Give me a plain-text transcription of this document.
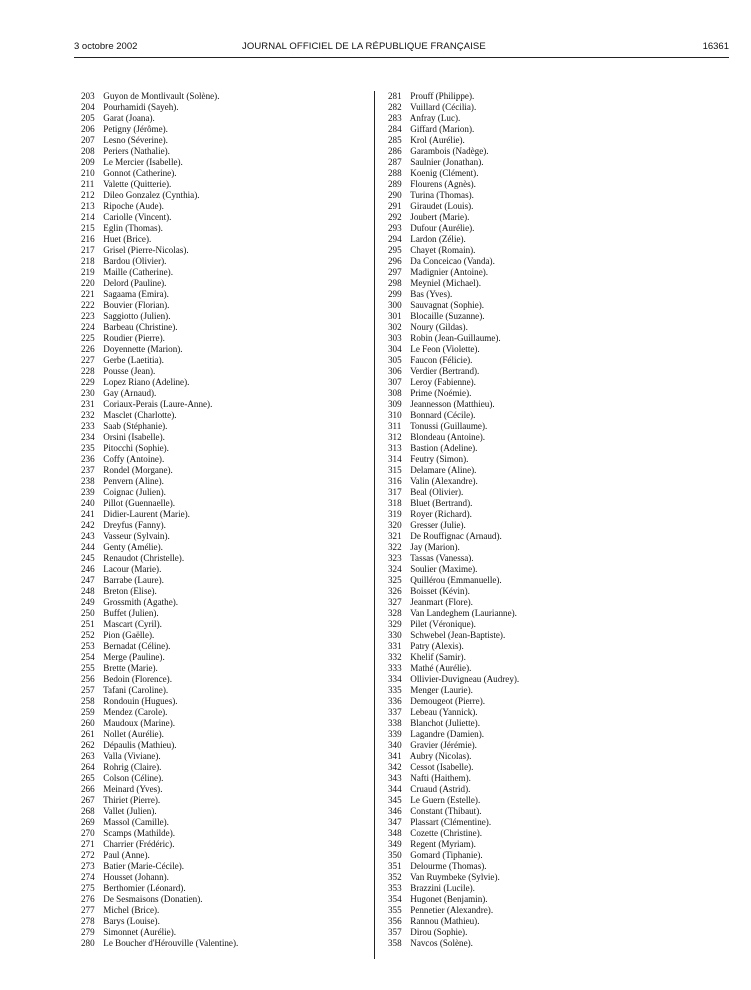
3 octobre 2002	JOURNAL OFFICIEL DE LA RÉPUBLIQUE FRANÇAISE	16361
203 Guyon de Montlivault (Solène).
204 Pourhamidi (Sayeh).
205 Garat (Joana).
206 Petigny (Jérôme).
207 Lesno (Séverine).
208 Periers (Nathalie).
209 Le Mercier (Isabelle).
210 Gonnot (Catherine).
211 Valette (Quitterie).
212 Dileo Gonzalez (Cynthia).
213 Ripoche (Aude).
214 Cariolle (Vincent).
215 Eglin (Thomas).
216 Huet (Brice).
217 Grisel (Pierre-Nicolas).
218 Bardou (Olivier).
219 Maille (Catherine).
220 Delord (Pauline).
221 Sagaama (Emira).
222 Bouvier (Florian).
223 Saggiotto (Julien).
224 Barbeau (Christine).
225 Roudier (Pierre).
226 Doyennette (Marion).
227 Gerbe (Laetitia).
228 Pousse (Jean).
229 Lopez Riano (Adeline).
230 Gay (Arnaud).
231 Coriaux-Perais (Laure-Anne).
232 Masclet (Charlotte).
233 Saab (Stéphanie).
234 Orsini (Isabelle).
235 Pitocchi (Sophie).
236 Coffy (Antoine).
237 Rondel (Morgane).
238 Penvern (Aline).
239 Coignac (Julien).
240 Pillot (Guennaelle).
241 Didier-Laurent (Marie).
242 Dreyfus (Fanny).
243 Vasseur (Sylvain).
244 Genty (Amélie).
245 Renaudot (Christelle).
246 Lacour (Marie).
247 Barrabe (Laure).
248 Breton (Elise).
249 Grossmith (Agathe).
250 Buffet (Julien).
251 Mascart (Cyril).
252 Pion (Gaëlle).
253 Bernadat (Céline).
254 Merge (Pauline).
255 Brette (Marie).
256 Bedoin (Florence).
257 Tafani (Caroline).
258 Rondouin (Hugues).
259 Mendez (Carole).
260 Maudoux (Marine).
261 Nollet (Aurélie).
262 Dépaulis (Mathieu).
263 Valla (Viviane).
264 Rohrig (Claire).
265 Colson (Céline).
266 Meinard (Yves).
267 Thiriet (Pierre).
268 Vallet (Julien).
269 Massol (Camille).
270 Scamps (Mathilde).
271 Charrier (Frédéric).
272 Paul (Anne).
273 Batier (Marie-Cécile).
274 Housset (Johann).
275 Berthomier (Léonard).
276 De Sesmaisons (Donatien).
277 Michel (Brice).
278 Barys (Louise).
279 Simonnet (Aurélie).
280 Le Boucher d'Hérouville (Valentine).
281 Prouff (Philippe).
282 Vuillard (Cécilia).
283 Anfray (Luc).
284 Giffard (Marion).
285 Krol (Aurélie).
286 Garambois (Nadège).
287 Saulnier (Jonathan).
288 Koenig (Clément).
289 Flourens (Agnès).
290 Turina (Thomas).
291 Giraudet (Louis).
292 Joubert (Marie).
293 Dufour (Aurélie).
294 Lardon (Zélie).
295 Chayet (Romain).
296 Da Conceicao (Vanda).
297 Madignier (Antoine).
298 Meyniel (Michael).
299 Bas (Yves).
300 Sauvagnat (Sophie).
301 Blocaille (Suzanne).
302 Noury (Gildas).
303 Robin (Jean-Guillaume).
304 Le Feon (Violette).
305 Faucon (Félicie).
306 Verdier (Bertrand).
307 Leroy (Fabienne).
308 Prime (Noémie).
309 Jeannesson (Matthieu).
310 Bonnard (Cécile).
311 Tonussi (Guillaume).
312 Blondeau (Antoine).
313 Bastion (Adeline).
314 Feutry (Simon).
315 Delamare (Aline).
316 Valin (Alexandre).
317 Beal (Olivier).
318 Bluet (Bertrand).
319 Royer (Richard).
320 Gresser (Julie).
321 De Rouffignac (Arnaud).
322 Jay (Marion).
323 Tassas (Vanessa).
324 Soulier (Maxime).
325 Quillérou (Emmanuelle).
326 Boisset (Kévin).
327 Jeanmart (Flore).
328 Van Landeghem (Laurianne).
329 Pilet (Véronique).
330 Schwebel (Jean-Baptiste).
331 Patry (Alexis).
332 Khelif (Samir).
333 Mathé (Aurélie).
334 Ollivier-Duvigneau (Audrey).
335 Menger (Laurie).
336 Demougeot (Pierre).
337 Lebeau (Yannick).
338 Blanchot (Juliette).
339 Lagandre (Damien).
340 Gravier (Jérémie).
341 Aubry (Nicolas).
342 Cessot (Isabelle).
343 Nafti (Haithem).
344 Cruaud (Astrid).
345 Le Guern (Estelle).
346 Constant (Thibaut).
347 Plassart (Clémentine).
348 Cozette (Christine).
349 Regent (Myriam).
350 Gomard (Tiphanie).
351 Delourme (Thomas).
352 Van Ruymbeke (Sylvie).
353 Brazzini (Lucile).
354 Hugonet (Benjamin).
355 Pennetier (Alexandre).
356 Rannou (Mathieu).
357 Dirou (Sophie).
358 Navcos (Solène).
